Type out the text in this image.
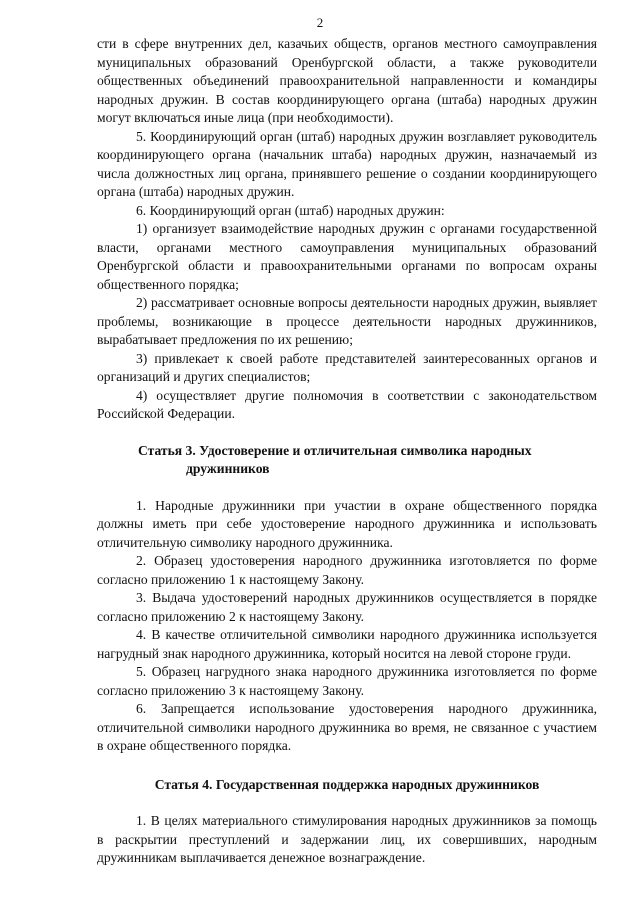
2

сти в сфере внутренних дел, казачьих обществ, органов местного самоуправления муниципальных образований Оренбургской области, а также руководители общественных объединений правоохранительной направленности и командиры народных дружин. В состав координирующего органа (штаба) народных дружин могут включаться иные лица (при необходимости).

5. Координирующий орган (штаб) народных дружин возглавляет руководитель координирующего органа (начальник штаба) народных дружин, назначаемый из числа должностных лиц органа, принявшего решение о создании координирующего органа (штаба) народных дружин.

6. Координирующий орган (штаб) народных дружин:

1) организует взаимодействие народных дружин с органами государственной власти, органами местного самоуправления муниципальных образований Оренбургской области и правоохранительными органами по вопросам охраны общественного порядка;

2) рассматривает основные вопросы деятельности народных дружин, выявляет проблемы, возникающие в процессе деятельности народных дружинников, вырабатывает предложения по их решению;

3) привлекает к своей работе представителей заинтересованных органов и организаций и других специалистов;

4) осуществляет другие полномочия в соответствии с законодательством Российской Федерации.

Статья 3. Удостоверение и отличительная символика народных
дружинников

1. Народные дружинники при участии в охране общественного порядка должны иметь при себе удостоверение народного дружинника и использовать отличительную символику народного дружинника.

2. Образец удостоверения народного дружинника изготовляется по форме согласно приложению 1 к настоящему Закону.

3. Выдача удостоверений народных дружинников осуществляется в порядке согласно приложению 2 к настоящему Закону.

4. В качестве отличительной символики народного дружинника используется нагрудный знак народного дружинника, который носится на левой стороне груди.

5. Образец нагрудного знака народного дружинника изготовляется по форме согласно приложению 3 к настоящему Закону.

6. Запрещается использование удостоверения народного дружинника, отличительной символики народного дружинника во время, не связанное с участием в охране общественного порядка.

Статья 4. Государственная поддержка народных дружинников

1. В целях материального стимулирования народных дружинников за помощь в раскрытии преступлений и задержании лиц, их совершивших, народным дружинникам выплачивается денежное вознаграждение.
